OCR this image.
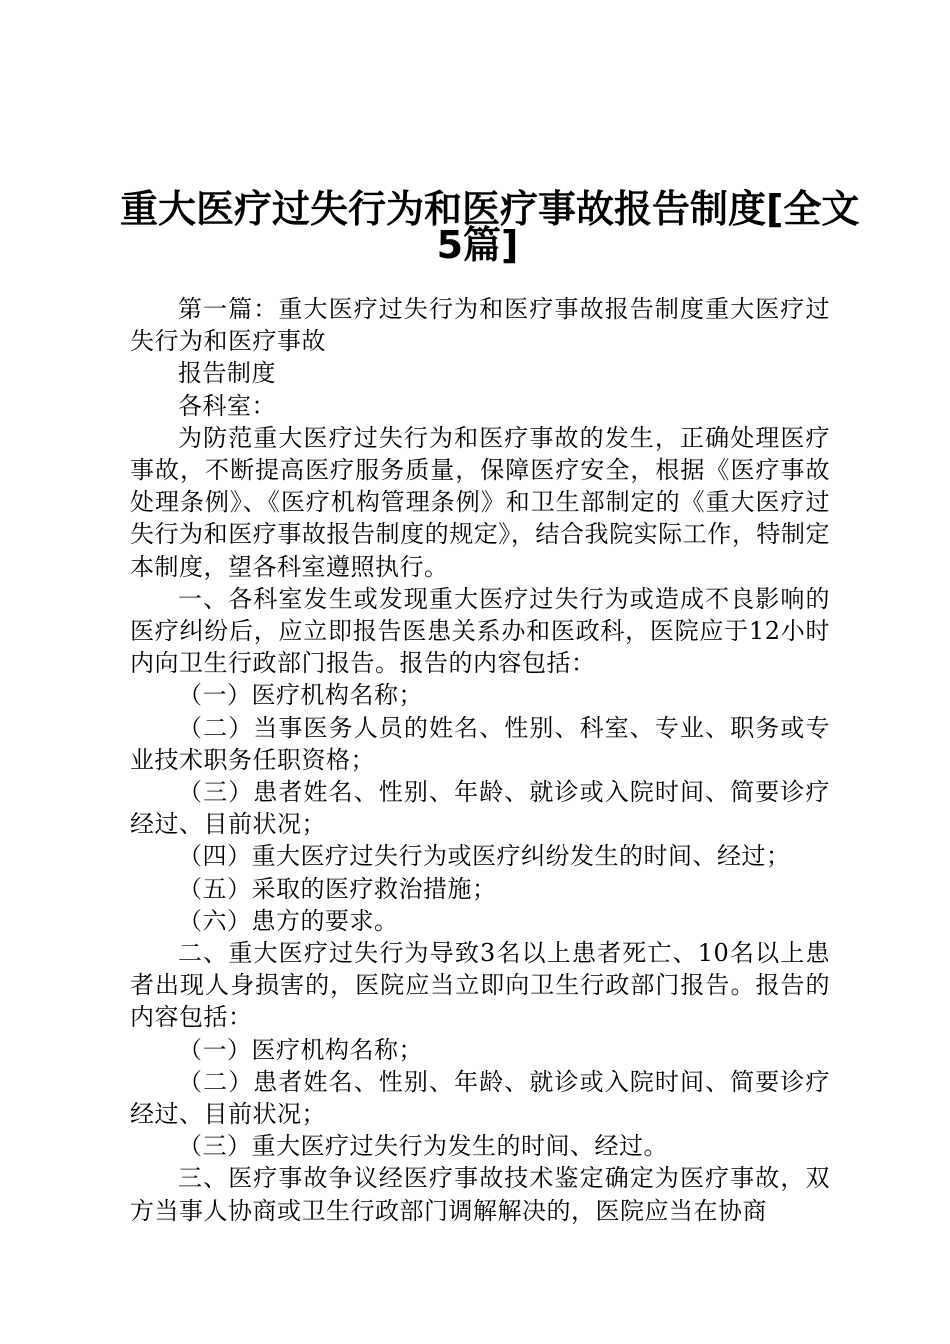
重大医疗过失行为和医疗事故报告制度[全文
5篇]

第一篇：重大医疗过失行为和医疗事故报告制度重大医疗过失行为和医疗事故

报告制度

各科室：

为防范重大医疗过失行为和医疗事故的发生，正确处理医疗事故，不断提高医疗服务质量，保障医疗安全，根据《医疗事故处理条例》、《医疗机构管理条例》和卫生部制定的《重大医疗过失行为和医疗事故报告制度的规定》，结合我院实际工作，特制定本制度，望各科室遵照执行。

一、各科室发生或发现重大医疗过失行为或造成不良影响的医疗纠纷后，应立即报告医患关系办和医政科，医院应于12小时内向卫生行政部门报告。报告的内容包括：

（一）医疗机构名称；

（二）当事医务人员的姓名、性别、科室、专业、职务或专业技术职务任职资格；

（三）患者姓名、性别、年龄、就诊或入院时间、简要诊疗经过、目前状况；

（四）重大医疗过失行为或医疗纠纷发生的时间、经过；

（五）采取的医疗救治措施；

（六）患方的要求。

二、重大医疗过失行为导致3名以上患者死亡、10名以上患者出现人身损害的，医院应当立即向卫生行政部门报告。报告的内容包括：

（一）医疗机构名称；

（二）患者姓名、性别、年龄、就诊或入院时间、简要诊疗经过、目前状况；

（三）重大医疗过失行为发生的时间、经过。

三、医疗事故争议经医疗事故技术鉴定确定为医疗事故，双方当事人协商或卫生行政部门调解解决的，医院应当在协商
